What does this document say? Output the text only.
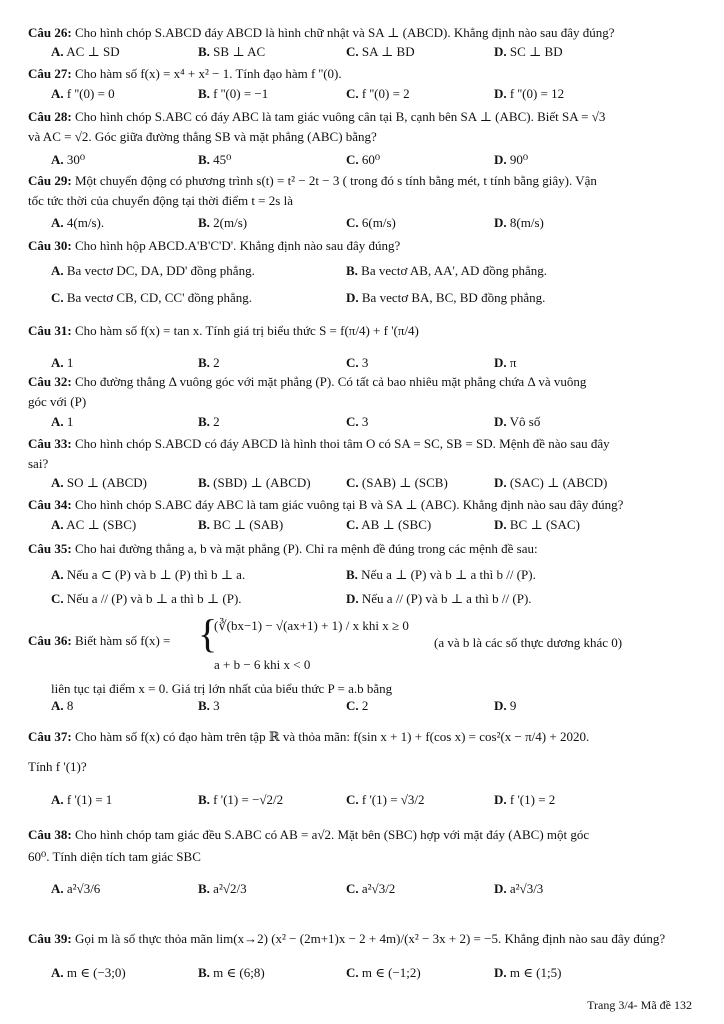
Câu 26: Cho hình chóp S.ABCD đáy ABCD là hình chữ nhật và SA ⊥ (ABCD). Khẳng định nào sau đây đúng?
A. AC ⊥ SD	B. SB ⊥ AC	C. SA ⊥ BD	D. SC ⊥ BD
Câu 27: Cho hàm số f(x) = x⁴ + x² − 1. Tính đạo hàm f ''(0).
A. f ''(0) = 0	B. f ''(0) = −1	C. f ''(0) = 2	D. f ''(0) = 12
Câu 28: Cho hình chóp S.ABC có đáy ABC là tam giác vuông cân tại B, cạnh bên SA ⊥ (ABC). Biết SA = √3
và AC = √2. Góc giữa đường thẳng SB và mặt phẳng (ABC) bằng?
A. 30⁰	B. 45⁰	C. 60⁰	D. 90⁰
Câu 29: Một chuyển động có phương trình s(t) = t² − 2t − 3 ( trong đó s tính bằng mét, t tính bằng giây). Vận
tốc tức thời của chuyển động tại thời điểm t = 2s là
A. 4(m/s).	B. 2(m/s)	C. 6(m/s)	D. 8(m/s)
Câu 30: Cho hình hộp ABCD.A'B'C'D'. Khẳng định nào sau đây đúng?
A. Ba vectơ DC, DA, DD' đồng phẳng.	B. Ba vectơ AB, AA', AD đồng phẳng.
C. Ba vectơ CB, CD, CC' đồng phẳng.	D. Ba vectơ BA, BC, BD đồng phẳng.
Câu 31: Cho hàm số f(x) = tan x. Tính giá trị biểu thức S = f(π/4) + f '(π/4)
A. 1	B. 2	C. 3	D. π
Câu 32: Cho đường thẳng Δ vuông góc với mặt phẳng (P). Có tất cả bao nhiêu mặt phẳng chứa Δ và vuông
góc với (P)
A. 1	B. 2	C. 3	D. Vô số
Câu 33: Cho hình chóp S.ABCD có đáy ABCD là hình thoi tâm O có SA = SC, SB = SD. Mệnh đề nào sau đây
sai?
A. SO ⊥ (ABCD)	B. (SBD) ⊥ (ABCD)	C. (SAB) ⊥ (SCB)	D. (SAC) ⊥ (ABCD)
Câu 34: Cho hình chóp S.ABC đáy ABC là tam giác vuông tại B và SA ⊥ (ABC). Khẳng định nào sau đây đúng?
A. AC ⊥ (SBC)	B. BC ⊥ (SAB)	C. AB ⊥ (SBC)	D. BC ⊥ (SAC)
Câu 35: Cho hai đường thẳng a, b và mặt phẳng (P). Chỉ ra mệnh đề đúng trong các mệnh đề sau:
A. Nếu a ⊂ (P) và b ⊥ (P) thì b ⊥ a.	B. Nếu a ⊥ (P) và b ⊥ a thì b // (P).
C. Nếu a // (P) và b ⊥ a thì b ⊥ (P).	D. Nếu a // (P) và b ⊥ a thì b // (P).
Câu 36: Biết hàm số f(x) = {
(∛(bx−1) − √(ax+1) + 1) / x khi x ≥ 0
a + b − 6 khi x < 0
(a và b là các số thực dương khác 0)
liên tục tại điểm x = 0. Giá trị lớn nhất của biểu thức P = a.b bằng
A. 8	B. 3	C. 2	D. 9
Câu 37: Cho hàm số f(x) có đạo hàm trên tập ℝ và thỏa mãn: f(sin x + 1) + f(cos x) = cos²(x − π/4) + 2020.
Tính f '(1)?
A. f '(1) = 1	B. f '(1) = −√2/2	C. f '(1) = √3/2	D. f '(1) = 2
Câu 38: Cho hình chóp tam giác đều S.ABC có AB = a√2. Mặt bên (SBC) hợp với mặt đáy (ABC) một góc
60⁰. Tính diện tích tam giác SBC
A. a²√3/6	B. a²√2/3	C. a²√3/2	D. a²√3/3
Câu 39: Gọi m là số thực thỏa mãn lim(x→2) (x² − (2m+1)x − 2 + 4m)/(x² − 3x + 2) = −5. Khẳng định nào sau đây đúng?
A. m ∈ (−3;0)	B. m ∈ (6;8)	C. m ∈ (−1;2)	D. m ∈ (1;5)
Trang 3/4- Mã đề 132
